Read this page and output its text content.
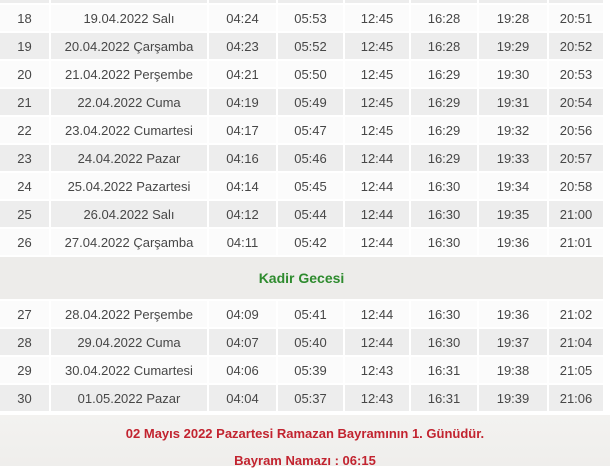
18	19.04.2022 Salı	04:24	05:53	12:45	16:28	19:28	20:51
19	20.04.2022 Çarşamba	04:23	05:52	12:45	16:28	19:29	20:52
20	21.04.2022 Perşembe	04:21	05:50	12:45	16:29	19:30	20:53
21	22.04.2022 Cuma	04:19	05:49	12:45	16:29	19:31	20:54
22	23.04.2022 Cumartesi	04:17	05:47	12:45	16:29	19:32	20:56
23	24.04.2022 Pazar	04:16	05:46	12:44	16:29	19:33	20:57
24	25.04.2022 Pazartesi	04:14	05:45	12:44	16:30	19:34	20:58
25	26.04.2022 Salı	04:12	05:44	12:44	16:30	19:35	21:00
26	27.04.2022 Çarşamba	04:11	05:42	12:44	16:30	19:36	21:01
Kadir Gecesi							
27	28.04.2022 Perşembe	04:09	05:41	12:44	16:30	19:36	21:02
28	29.04.2022 Cuma	04:07	05:40	12:44	16:30	19:37	21:04
29	30.04.2022 Cumartesi	04:06	05:39	12:43	16:31	19:38	21:05
30	01.05.2022 Pazar	04:04	05:37	12:43	16:31	19:39	21:06
02 Mayıs 2022 Pazartesi Ramazan Bayramının 1. Günüdür.
Bayram Namazı : 06:15
